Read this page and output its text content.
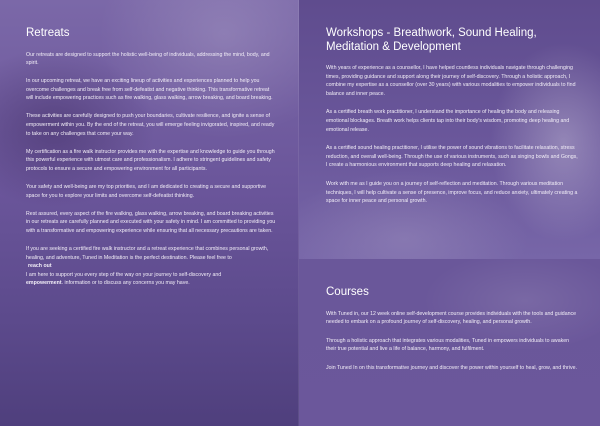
Retreats

Our retreats are designed to support the holistic well-being of individuals, addressing the mind, body, and spirit.

In our upcoming retreat, we have an exciting lineup of activities and experiences planned to help you overcome challenges and break free from self-defeatist and negative thinking. This transformative retreat will include empowering practices such as fire walking, glass walking, arrow breaking, and board breaking.

These activities are carefully designed to push your boundaries, cultivate resilience, and ignite a sense of empowerment within you. By the end of the retreat, you will emerge feeling invigorated, inspired, and ready to take on any challenges that come your way.

My certification as a fire walk instructor provides me with the expertise and knowledge to guide you through this powerful experience with utmost care and professionalism. I adhere to stringent guidelines and safety protocols to ensure a secure and empowering environment for all participants.

Your safety and well-being are my top priorities, and I am dedicated to creating a secure and supportive space for you to explore your limits and overcome self-defeatist thinking.

Rest assured, every aspect of the fire walking, glass walking, arrow breaking, and board breaking activities in our retreats are carefully planned and executed with your safety in mind. I am committed to providing you with a transformative and empowering experience while ensuring that all necessary precautions are taken.

If you are seeking a certified fire walk instructor and a retreat experience that combines personal growth, healing, and adventure, Tuned in Meditation is the perfect destination. Please feel free to
reach out
I am here to support you every step of the way on your journey to self-discovery and
empowerment. information or to discuss any concerns you may have.

Workshops - Breathwork, Sound Healing, Meditation & Development

With years of experience as a counsellor, I have helped countless individuals navigate through challenging times, providing guidance and support along their journey of self-discovery. Through a holistic approach, I combine my expertise as a counsellor (over 30 years) with various modalities to empower individuals to find balance and inner peace.

As a certified breath work practitioner, I understand the importance of healing the body and releasing emotional blockages. Breath work helps clients tap into their body's wisdom, promoting deep healing and emotional release.

As a certified sound healing practitioner, I utilise the power of sound vibrations to facilitate relaxation, stress reduction, and overall well-being. Through the use of various instruments, such as singing bowls and Gongs, I create a harmonious environment that supports deep healing and relaxation.

Work with me as I guide you on a journey of self-reflection and meditation. Through various meditation techniques, I will help cultivate a sense of presence, improve focus, and reduce anxiety, ultimately creating a space for inner peace and personal growth.

Courses

With Tuned in, our 12 week online self-development course provides individuals with the tools and guidance needed to embark on a profound journey of self-discovery, healing, and personal growth.

Through a holistic approach that integrates various modalities, Tuned in empowers individuals to awaken their true potential and live a life of balance, harmony, and fulfilment.

Join Tuned In on this transformative journey and discover the power within yourself to heal, grow, and thrive.
